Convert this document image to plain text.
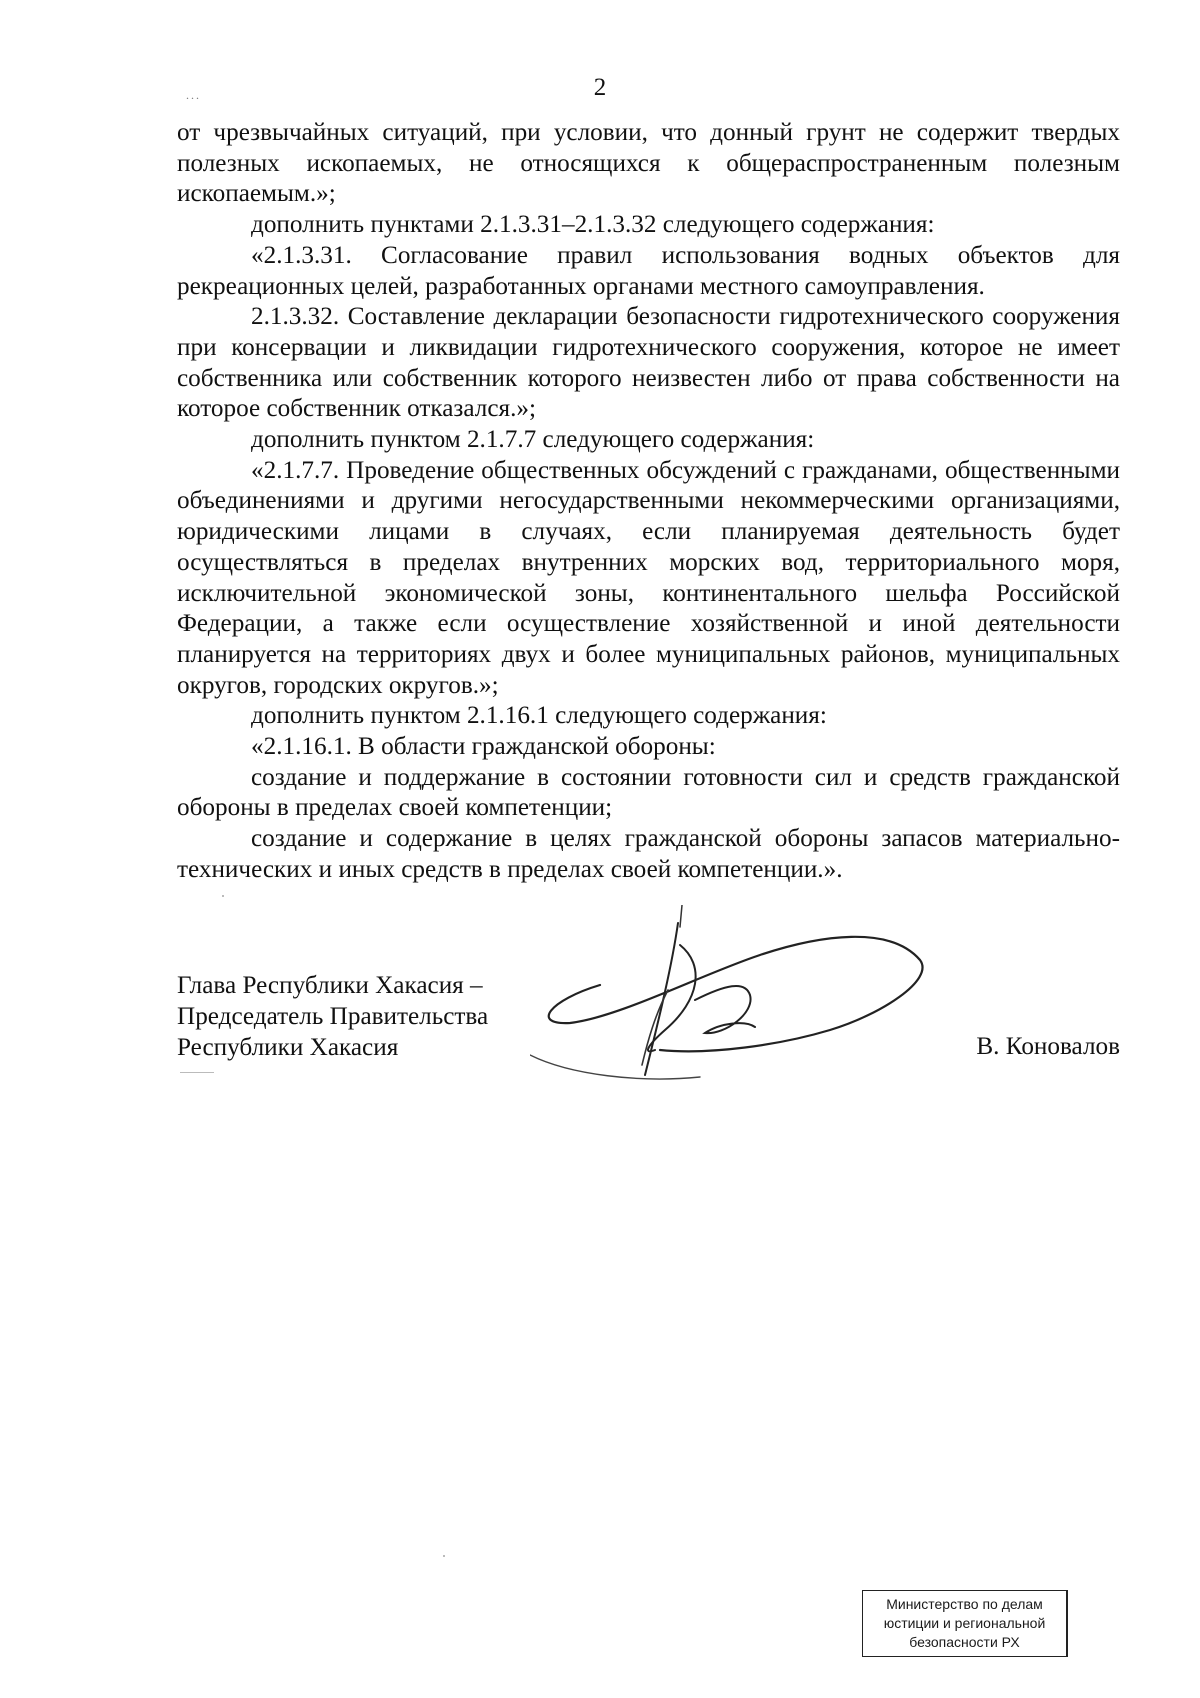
...	2

от чрезвычайных ситуаций, при условии, что донный грунт не содержит твердых полезных ископаемых, не относящихся к общераспространенным полезным ископаемым.»;

дополнить пунктами 2.1.3.31–2.1.3.32 следующего содержания:

«2.1.3.31. Согласование правил использования водных объектов для рекреационных целей, разработанных органами местного самоуправления.

2.1.3.32. Составление декларации безопасности гидротехнического сооружения при консервации и ликвидации гидротехнического сооружения, которое не имеет собственника или собственник которого неизвестен либо от права собственности на которое собственник отказался.»;

дополнить пунктом 2.1.7.7 следующего содержания:

«2.1.7.7. Проведение общественных обсуждений с гражданами, общественными объединениями и другими негосударственными некоммерческими организациями, юридическими лицами в случаях, если планируемая деятельность будет осуществляться в пределах внутренних морских вод, территориального моря, исключительной экономической зоны, континентального шельфа Российской Федерации, а также если осуществление хозяйственной и иной деятельности планируется на территориях двух и более муниципальных районов, муниципальных округов, городских округов.»;

дополнить пунктом 2.1.16.1 следующего содержания:

«2.1.16.1. В области гражданской обороны:

создание и поддержание в состоянии готовности сил и средств гражданской обороны в пределах своей компетенции;

создание и содержание в целях гражданской обороны запасов материально-технических и иных средств в пределах своей компетенции.».

Глава Республики Хакасия –
Председатель Правительства
Республики Хакасия	В. Коновалов
Министерство по делам
юстиции и региональной
безопасности РХ
